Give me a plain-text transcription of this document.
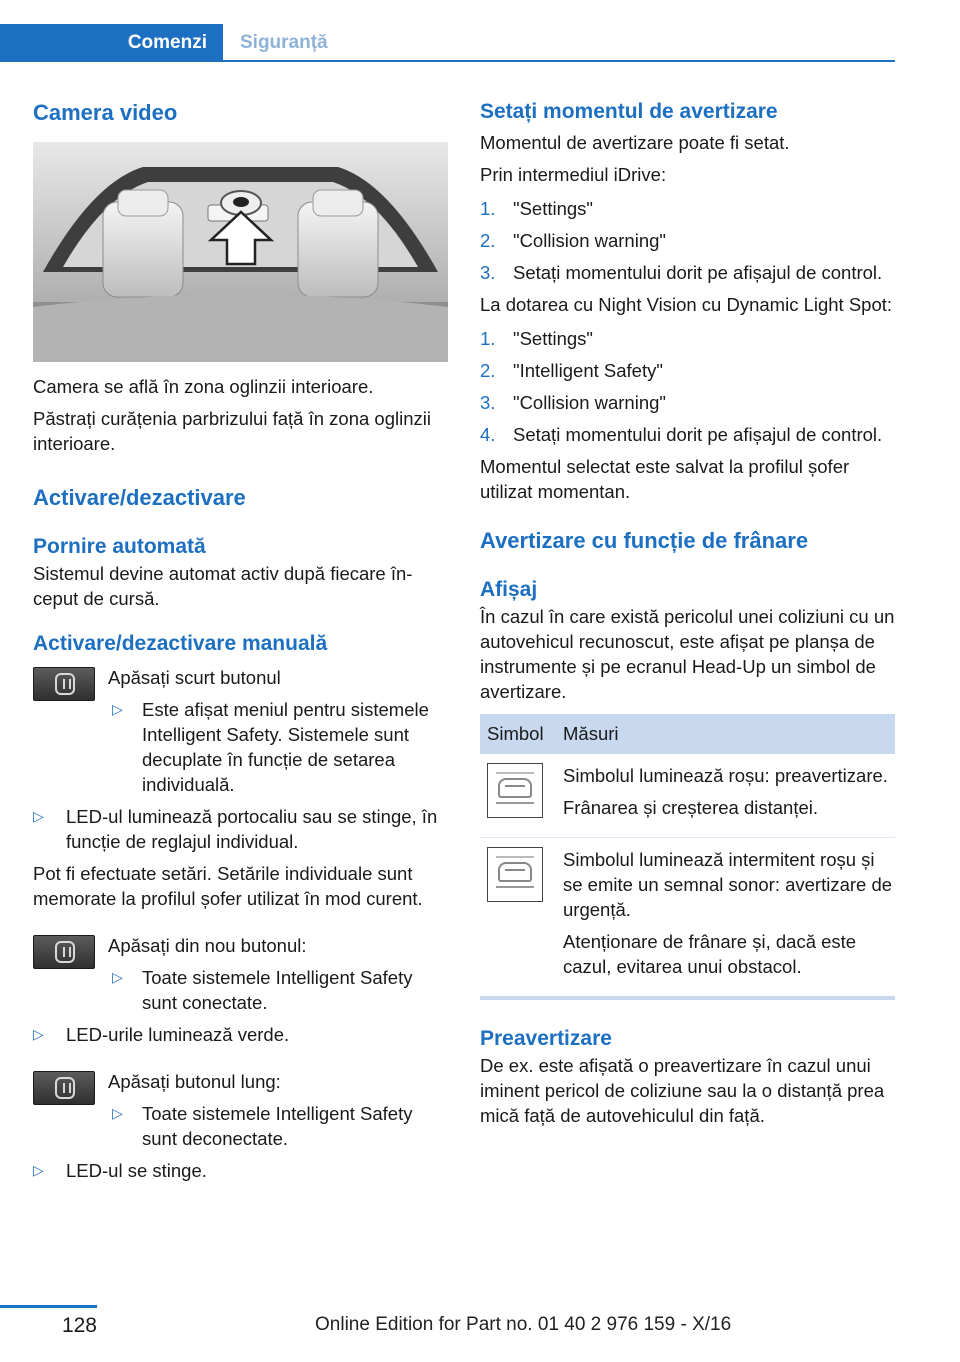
Comenzi	Siguranță
Camera video

Camera se află în zona oglinzii interioare.

Păstrați curățenia parbrizului față în zona oglinzii interioare.

Activare/dezactivare
Pornire automată

Sistemul devine automat activ după fiecare început de cursă.

Activare/dezactivare manuală

Apăsați scurt butonul

▷ Este afișat meniul pentru sistemele Intelligent Safety. Sistemele sunt decuplate în funcție de setarea individuală.
▷ LED-ul luminează portocaliu sau se stinge, în funcție de reglajul individual.

Pot fi efectuate setări. Setările individuale sunt memorate la profilul șofer utilizat în mod curent.

Apăsați din nou butonul:

▷ Toate sistemele Intelligent Safety sunt conectate.
▷ LED-urile luminează verde.

Apăsați butonul lung:

▷ Toate sistemele Intelligent Safety sunt deconectate.
▷ LED-ul se stinge.
Setați momentul de avertizare

Momentul de avertizare poate fi setat.

Prin intermediul iDrive:

1. "Settings"
2. "Collision warning"
3. Setați momentului dorit pe afișajul de control.

La dotarea cu Night Vision cu Dynamic Light Spot:

1. "Settings"
2. "Intelligent Safety"
3. "Collision warning"
4. Setați momentului dorit pe afișajul de control.

Momentul selectat este salvat la profilul șofer utilizat momentan.

Avertizare cu funcție de frânare
Afișaj

În cazul în care există pericolul unei coliziuni cu un autovehicul recunoscut, este afișat pe planșa de instrumente și pe ecranul Head-Up un simbol de avertizare.

Simbol	Măsuri

	Simbolul luminează roșu: preavertizare.

Frânarea și creșterea distanței.

	Simbolul luminează intermitent roșu și se emite un semnal sonor: avertizare de urgență.

Atenționare de frânare și, dacă este cazul, evitarea unui obstacol.

Preavertizare

De ex. este afișată o preavertizare în cazul unui iminent pericol de coliziune sau la o distanță prea mică față de autovehiculul din față.

128	Online Edition for Part no. 01 40 2 976 159 - X/16
